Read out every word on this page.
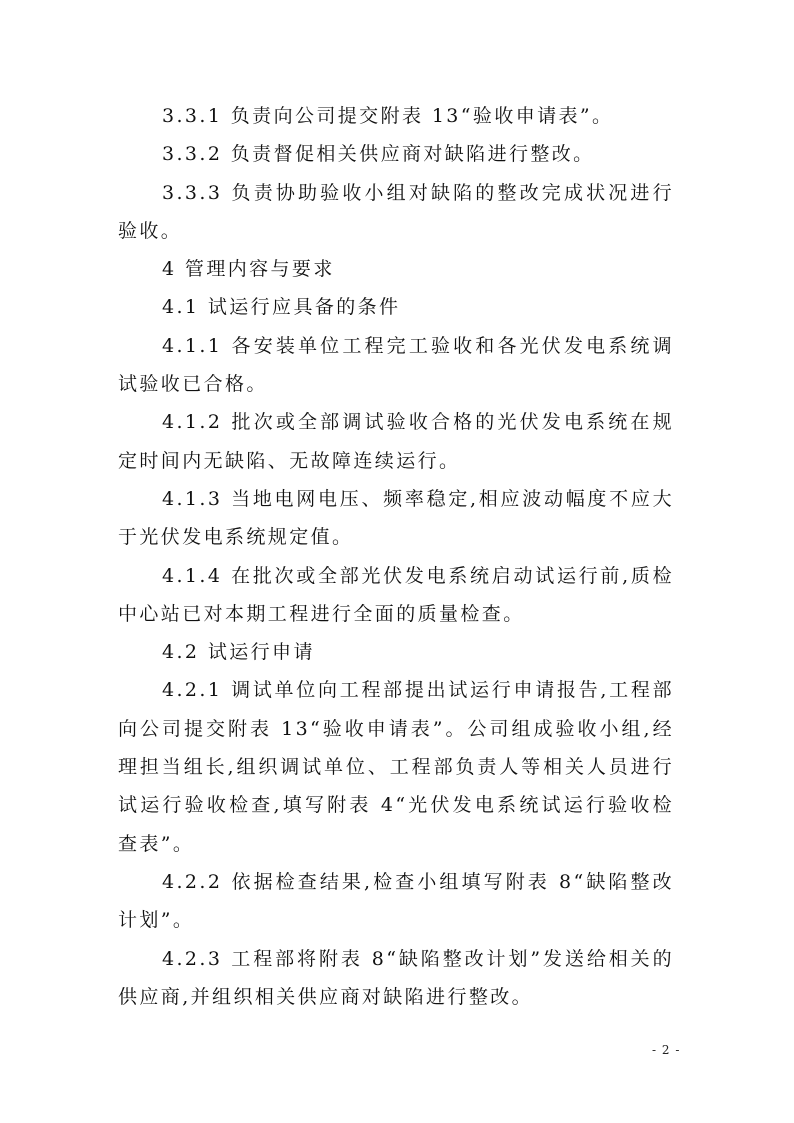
3.3.1 负责向公司提交附表 13“验收申请表”。

3.3.2 负责督促相关供应商对缺陷进行整改。

3.3.3 负责协助验收小组对缺陷的整改完成状况进行验收。

4 管理内容与要求

4.1 试运行应具备的条件

4.1.1 各安装单位工程完工验收和各光伏发电系统调试验收已合格。

4.1.2 批次或全部调试验收合格的光伏发电系统在规定时间内无缺陷、无故障连续运行。

4.1.3 当地电网电压、频率稳定,相应波动幅度不应大于光伏发电系统规定值。

4.1.4 在批次或全部光伏发电系统启动试运行前,质检中心站已对本期工程进行全面的质量检查。

4.2 试运行申请

4.2.1 调试单位向工程部提出试运行申请报告,工程部向公司提交附表 13“验收申请表”。公司组成验收小组,经理担当组长,组织调试单位、工程部负责人等相关人员进行试运行验收检查,填写附表 4“光伏发电系统试运行验收检查表”。

4.2.2 依据检查结果,检查小组填写附表 8“缺陷整改计划”。

4.2.3 工程部将附表 8“缺陷整改计划”发送给相关的供应商,并组织相关供应商对缺陷进行整改。

- 2 -
